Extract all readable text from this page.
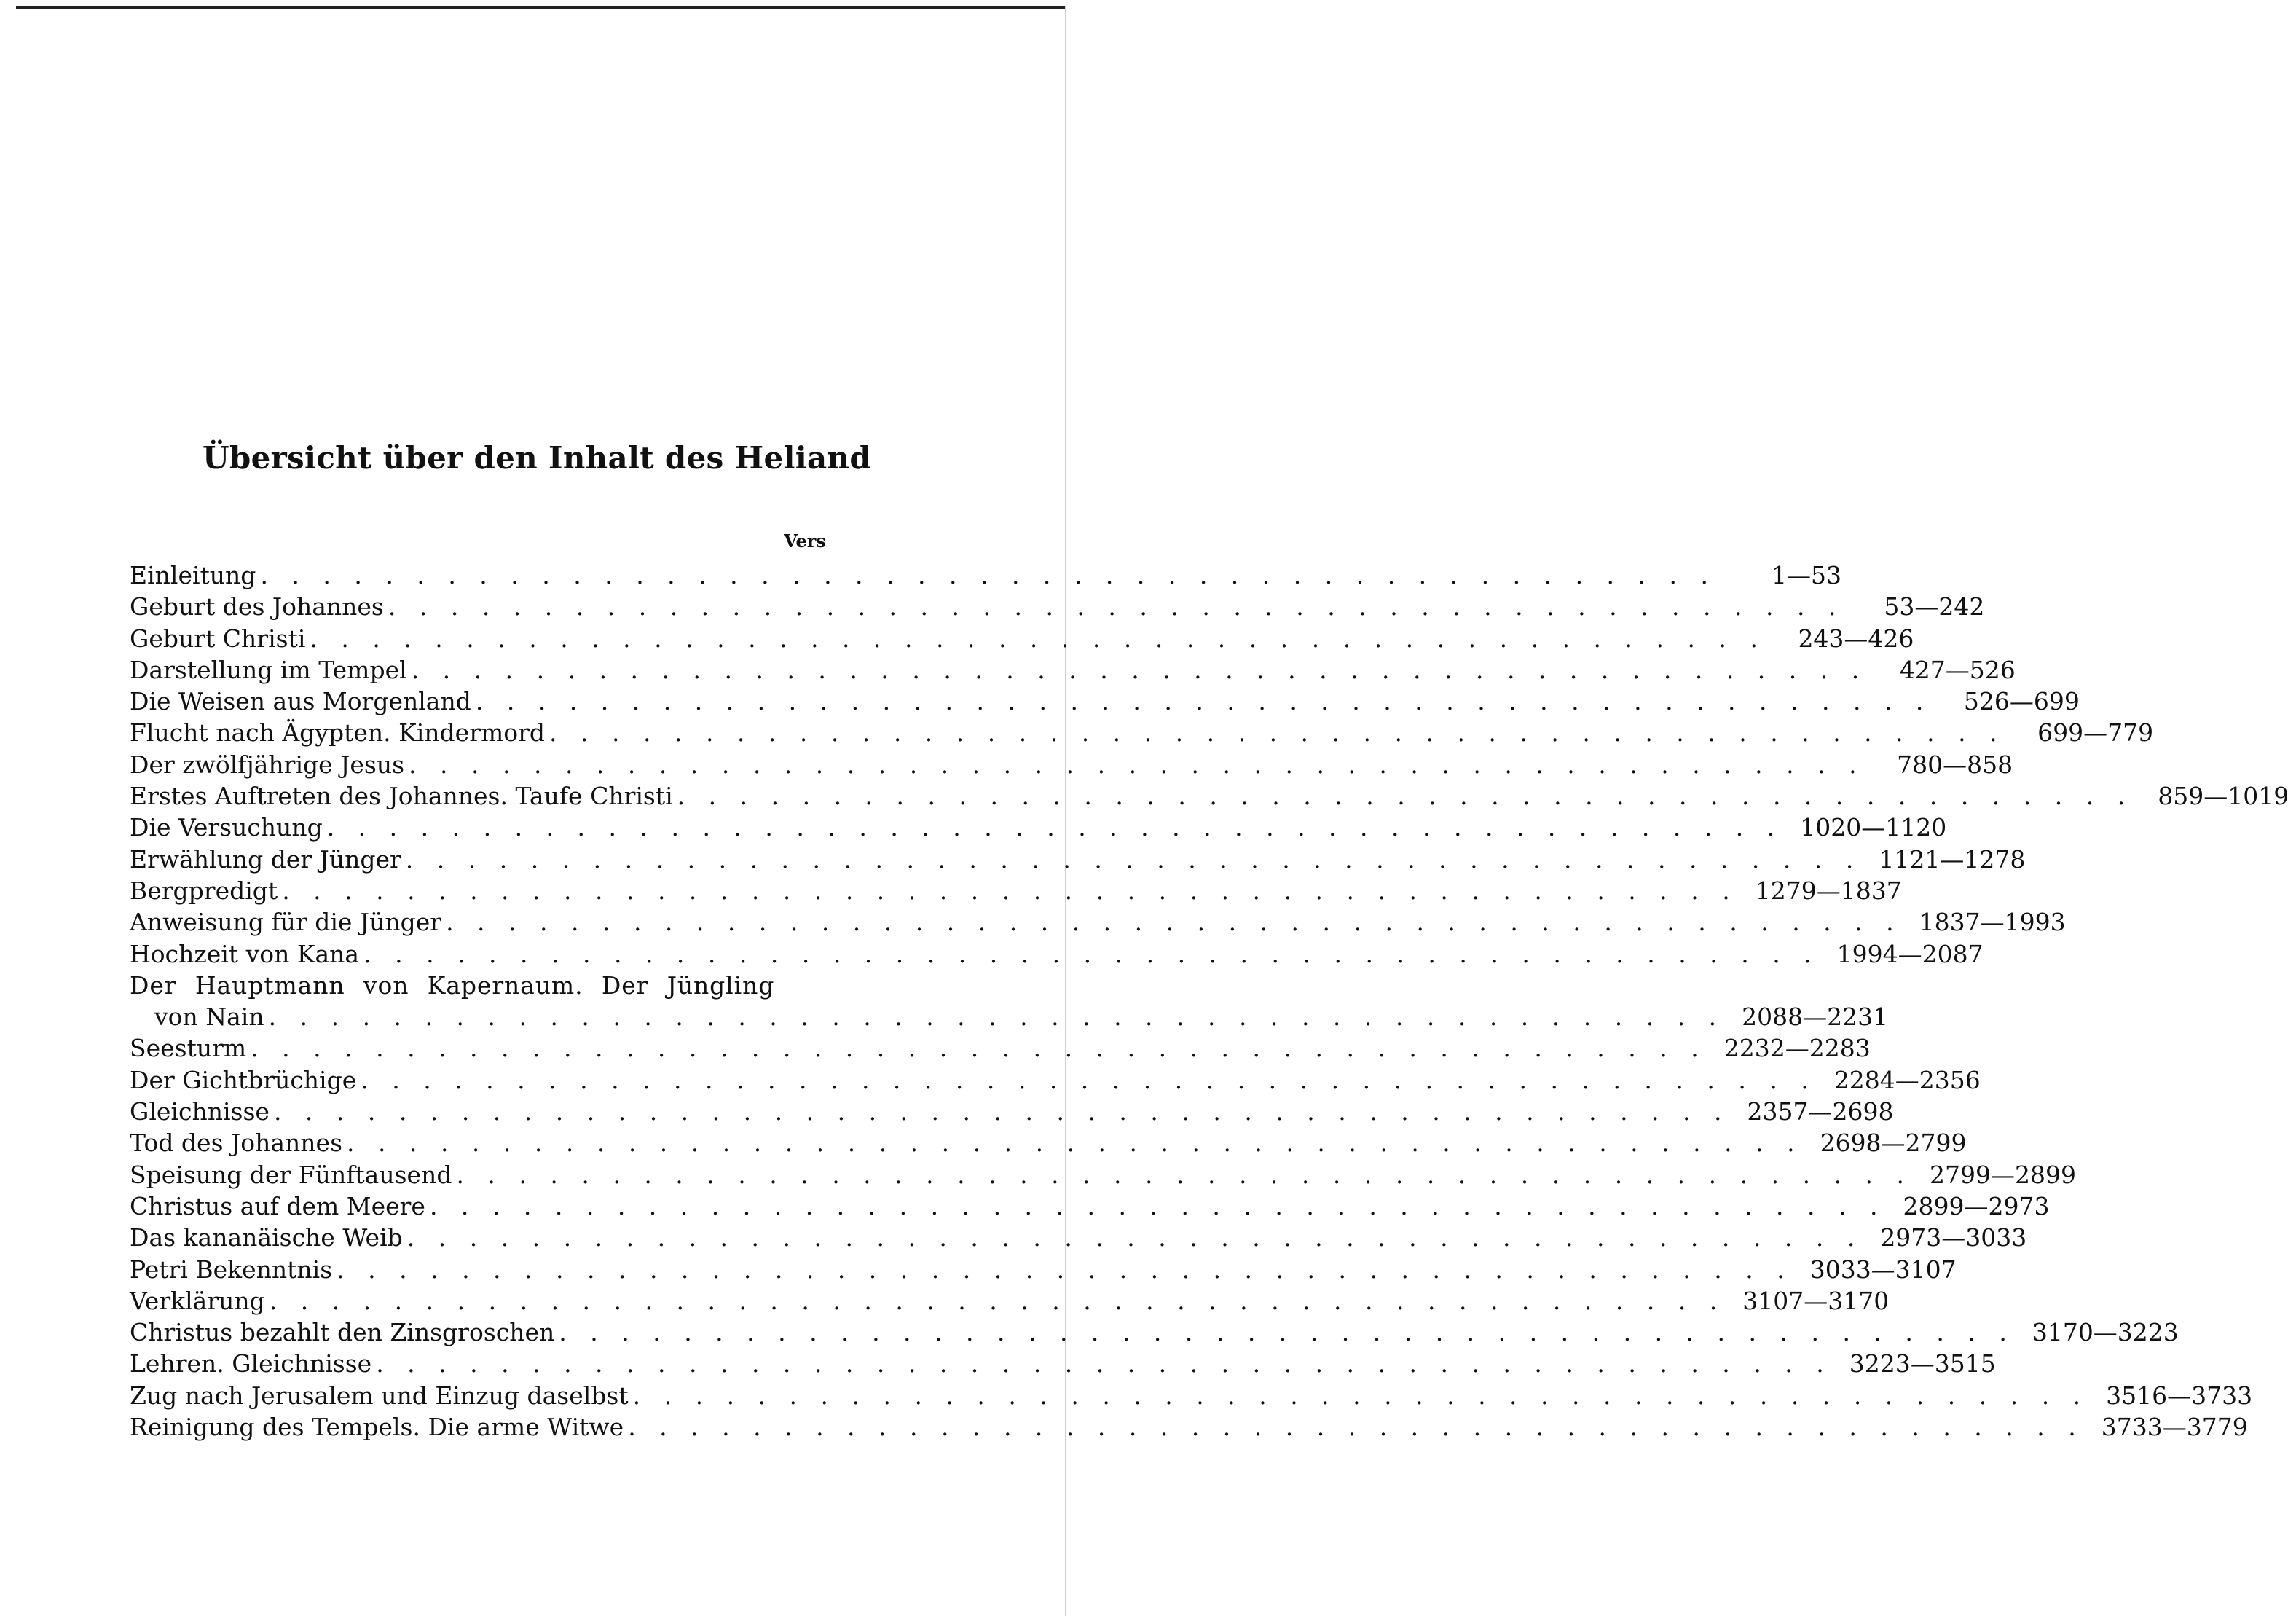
Übersicht über den Inhalt des Heliand

Vers

Einleitung . . . . . . . . . . . . . . . . . . . . . . . . . . . . . . . . . . . . . . . . . . . . . . .	1—53
Geburt des Johannes . . . . . . . . . . . . . . . . . . . . . . . . . . . . . . . . . . . . . . . . . . . . . . .	53—242
Geburt Christi . . . . . . . . . . . . . . . . . . . . . . . . . . . . . . . . . . . . . . . . . . . . . . .	243—426
Darstellung im Tempel . . . . . . . . . . . . . . . . . . . . . . . . . . . . . . . . . . . . . . . . . . . . . . .	427—526
Die Weisen aus Morgenland . . . . . . . . . . . . . . . . . . . . . . . . . . . . . . . . . . . . . . . . . . . . . . .	526—699
Flucht nach Ägypten. Kindermord . . . . . . . . . . . . . . . . . . . . . . . . . . . . . . . . . . . . . . . . . . . . . . .	699—779
Der zwölfjährige Jesus . . . . . . . . . . . . . . . . . . . . . . . . . . . . . . . . . . . . . . . . . . . . . . .	780—858
Erstes Auftreten des Johannes. Taufe Christi . . . . . . . . . . . . . . . . . . . . . . . . . . . . . . . . . . . . . . . . . . . . . . .	859—1019
Die Versuchung . . . . . . . . . . . . . . . . . . . . . . . . . . . . . . . . . . . . . . . . . . . . . . . 1020—1120
Erwählung der Jünger . . . . . . . . . . . . . . . . . . . . . . . . . . . . . . . . . . . . . . . . . . . . . . . 1121—1278
Bergpredigt . . . . . . . . . . . . . . . . . . . . . . . . . . . . . . . . . . . . . . . . . . . . . . . 1279—1837
Anweisung für die Jünger . . . . . . . . . . . . . . . . . . . . . . . . . . . . . . . . . . . . . . . . . . . . . . . 1837—1993
Hochzeit von Kana . . . . . . . . . . . . . . . . . . . . . . . . . . . . . . . . . . . . . . . . . . . . . . . 1994—2087
Der Hauptmann von Kapernaum. Der Jüngling
von Nain . . . . . . . . . . . . . . . . . . . . . . . . . . . . . . . . . . . . . . . . . . . . . . . 2088—2231
Seesturm . . . . . . . . . . . . . . . . . . . . . . . . . . . . . . . . . . . . . . . . . . . . . . . 2232—2283
Der Gichtbrüchige . . . . . . . . . . . . . . . . . . . . . . . . . . . . . . . . . . . . . . . . . . . . . . . 2284—2356
Gleichnisse . . . . . . . . . . . . . . . . . . . . . . . . . . . . . . . . . . . . . . . . . . . . . . . 2357—2698
Tod des Johannes . . . . . . . . . . . . . . . . . . . . . . . . . . . . . . . . . . . . . . . . . . . . . . . 2698—2799
Speisung der Fünftausend . . . . . . . . . . . . . . . . . . . . . . . . . . . . . . . . . . . . . . . . . . . . . . . 2799—2899
Christus auf dem Meere . . . . . . . . . . . . . . . . . . . . . . . . . . . . . . . . . . . . . . . . . . . . . . . 2899—2973
Das kananäische Weib . . . . . . . . . . . . . . . . . . . . . . . . . . . . . . . . . . . . . . . . . . . . . . . 2973—3033
Petri Bekenntnis . . . . . . . . . . . . . . . . . . . . . . . . . . . . . . . . . . . . . . . . . . . . . . . 3033—3107
Verklärung . . . . . . . . . . . . . . . . . . . . . . . . . . . . . . . . . . . . . . . . . . . . . . . 3107—3170
Christus bezahlt den Zinsgroschen . . . . . . . . . . . . . . . . . . . . . . . . . . . . . . . . . . . . . . . . . . . . . . . 3170—3223
Lehren. Gleichnisse . . . . . . . . . . . . . . . . . . . . . . . . . . . . . . . . . . . . . . . . . . . . . . . 3223—3515
Zug nach Jerusalem und Einzug daselbst . . . . . . . . . . . . . . . . . . . . . . . . . . . . . . . . . . . . . . . . . . . . . . . 3516—3733
Reinigung des Tempels. Die arme Witwe . . . . . . . . . . . . . . . . . . . . . . . . . . . . . . . . . . . . . . . . . . . . . . . 3733—3779
